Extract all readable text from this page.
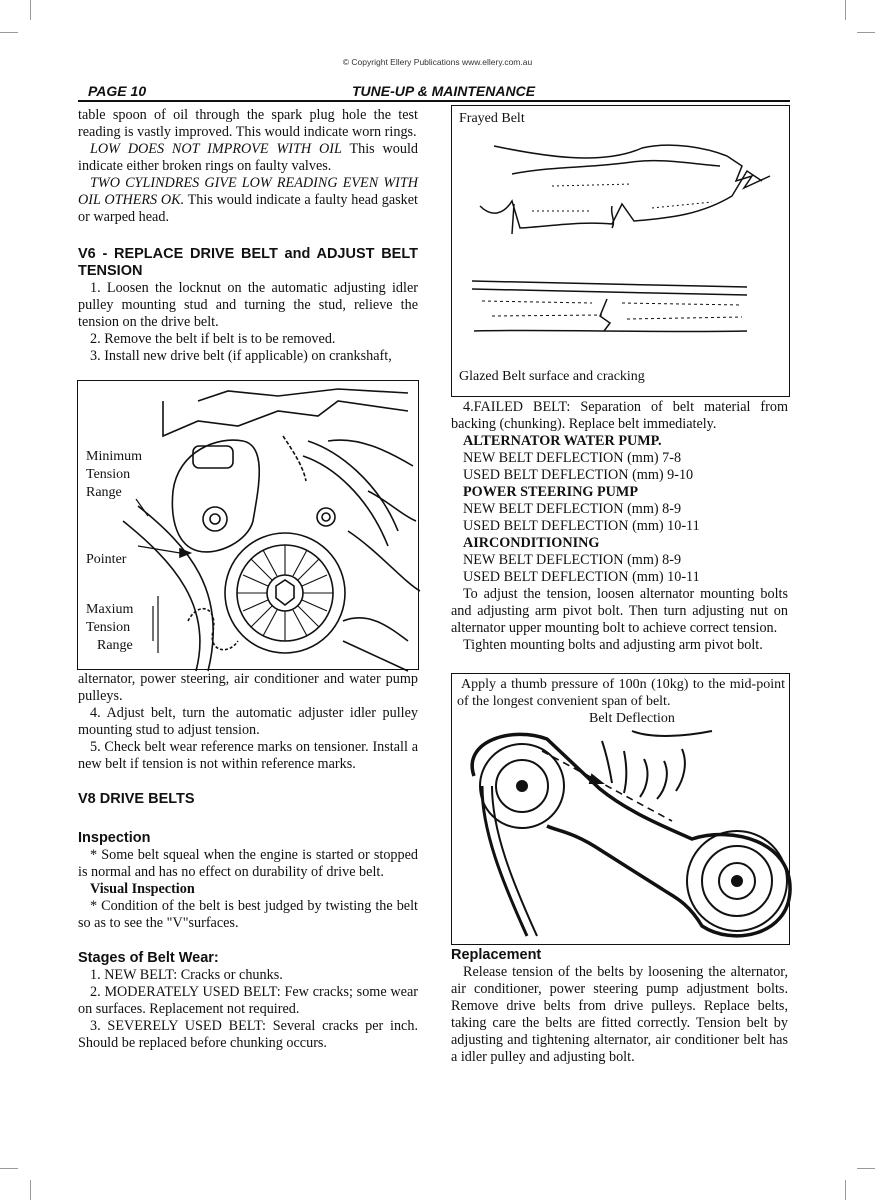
© Copyright Ellery Publications www.ellery.com.au
PAGE 10	TUNE-UP & MAINTENANCE

table spoon of oil through the spark plug hole the test reading is vastly improved. This would indicate worn rings.

LOW DOES NOT IMPROVE WITH OIL This would indicate either broken rings on faulty valves.

TWO CYLINDRES GIVE LOW READING EVEN WITH OIL OTHERS OK. This would indicate a faulty head gasket or warped head.

V6 - REPLACE DRIVE BELT and ADJUST BELT TENSION

1. Loosen the locknut on the automatic adjusting idler pulley mounting stud and turning the stud, relieve the tension on the drive belt.

2. Remove the belt if belt is to be removed.

3. Install new drive belt (if applicable) on crankshaft,

Minimum
Tension
Range
Pointer
Maxium
Tension
Range

alternator, power steering, air conditioner and water pump pulleys.

4. Adjust belt, turn the automatic adjuster idler pulley mounting stud to adjust tension.

5. Check belt wear reference marks on tensioner. Install a new belt if tension is not within reference marks.

V8 DRIVE BELTS

Inspection

* Some belt squeal when the engine is started or stopped is normal and has no effect on durability of drive belt.

Visual Inspection

* Condition of the belt is best judged by twisting the belt so as to see the "V"surfaces.

Stages of Belt Wear:

1. NEW BELT: Cracks or chunks.

2. MODERATELY USED BELT: Few cracks; some wear on surfaces. Replacement not required.

3. SEVERELY USED BELT: Several cracks per inch. Should be replaced before chunking occurs.

Frayed Belt
Glazed Belt surface and cracking

4.FAILED BELT: Separation of belt material from backing (chunking). Replace belt immediately.

ALTERNATOR WATER PUMP.

NEW BELT DEFLECTION (mm) 7-8

USED BELT DEFLECTION (mm) 9-10

POWER STEERING PUMP

NEW BELT DEFLECTION (mm) 8-9

USED BELT DEFLECTION (mm) 10-11

AIRCONDITIONING

NEW BELT DEFLECTION (mm) 8-9

USED BELT DEFLECTION (mm) 10-11

To adjust the tension, loosen alternator mounting bolts and adjusting arm pivot bolt. Then turn adjusting nut on alternator upper mounting bolt to achieve correct tension.

Tighten mounting bolts and adjusting arm pivot bolt.

Apply a thumb pressure of 100n (10kg) to the mid-point of the longest convenient span of belt.
Belt Deflection

Replacement

Release tension of the belts by loosening the alternator, air conditioner, power steering pump adjustment bolts. Remove drive belts from drive pulleys. Replace belts, taking care the belts are fitted correctly. Tension belt by adjusting and tightening alternator, air conditioner belt has a idler pulley and adjusting bolt.
